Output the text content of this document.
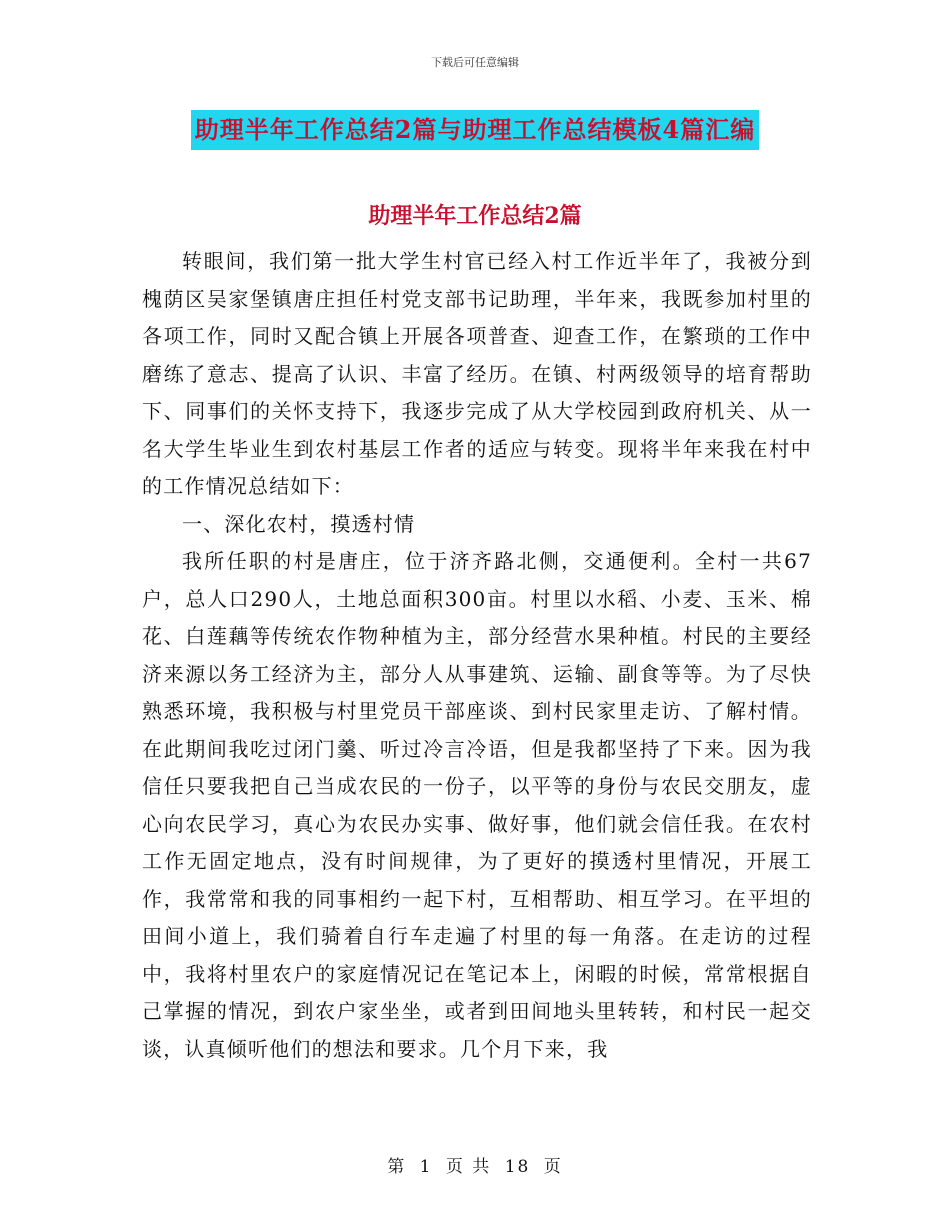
下载后可任意编辑
助理半年工作总结2篇与助理工作总结模板4篇汇编
助理半年工作总结2篇

转眼间，我们第一批大学生村官已经入村工作近半年了，我被分到槐荫区吴家堡镇唐庄担任村党支部书记助理，半年来，我既参加村里的各项工作，同时又配合镇上开展各项普查、迎查工作，在繁琐的工作中磨练了意志、提高了认识、丰富了经历。在镇、村两级领导的培育帮助下、同事们的关怀支持下，我逐步完成了从大学校园到政府机关、从一名大学生毕业生到农村基层工作者的适应与转变。现将半年来我在村中的工作情况总结如下：

一、深化农村，摸透村情

我所任职的村是唐庄，位于济齐路北侧，交通便利。全村一共67户，总人口290人，土地总面积300亩。村里以水稻、小麦、玉米、棉花、白莲藕等传统农作物种植为主，部分经营水果种植。村民的主要经济来源以务工经济为主，部分人从事建筑、运输、副食等等。为了尽快熟悉环境，我积极与村里党员干部座谈、到村民家里走访、了解村情。在此期间我吃过闭门羹、听过冷言冷语，但是我都坚持了下来。因为我信任只要我把自己当成农民的一份子，以平等的身份与农民交朋友，虚心向农民学习，真心为农民办实事、做好事，他们就会信任我。在农村工作无固定地点，没有时间规律，为了更好的摸透村里情况，开展工作，我常常和我的同事相约一起下村，互相帮助、相互学习。在平坦的田间小道上，我们骑着自行车走遍了村里的每一角落。在走访的过程中，我将村里农户的家庭情况记在笔记本上，闲暇的时候，常常根据自己掌握的情况，到农户家坐坐，或者到田间地头里转转，和村民一起交谈，认真倾听他们的想法和要求。几个月下来，我

第 1 页 共 18 页
